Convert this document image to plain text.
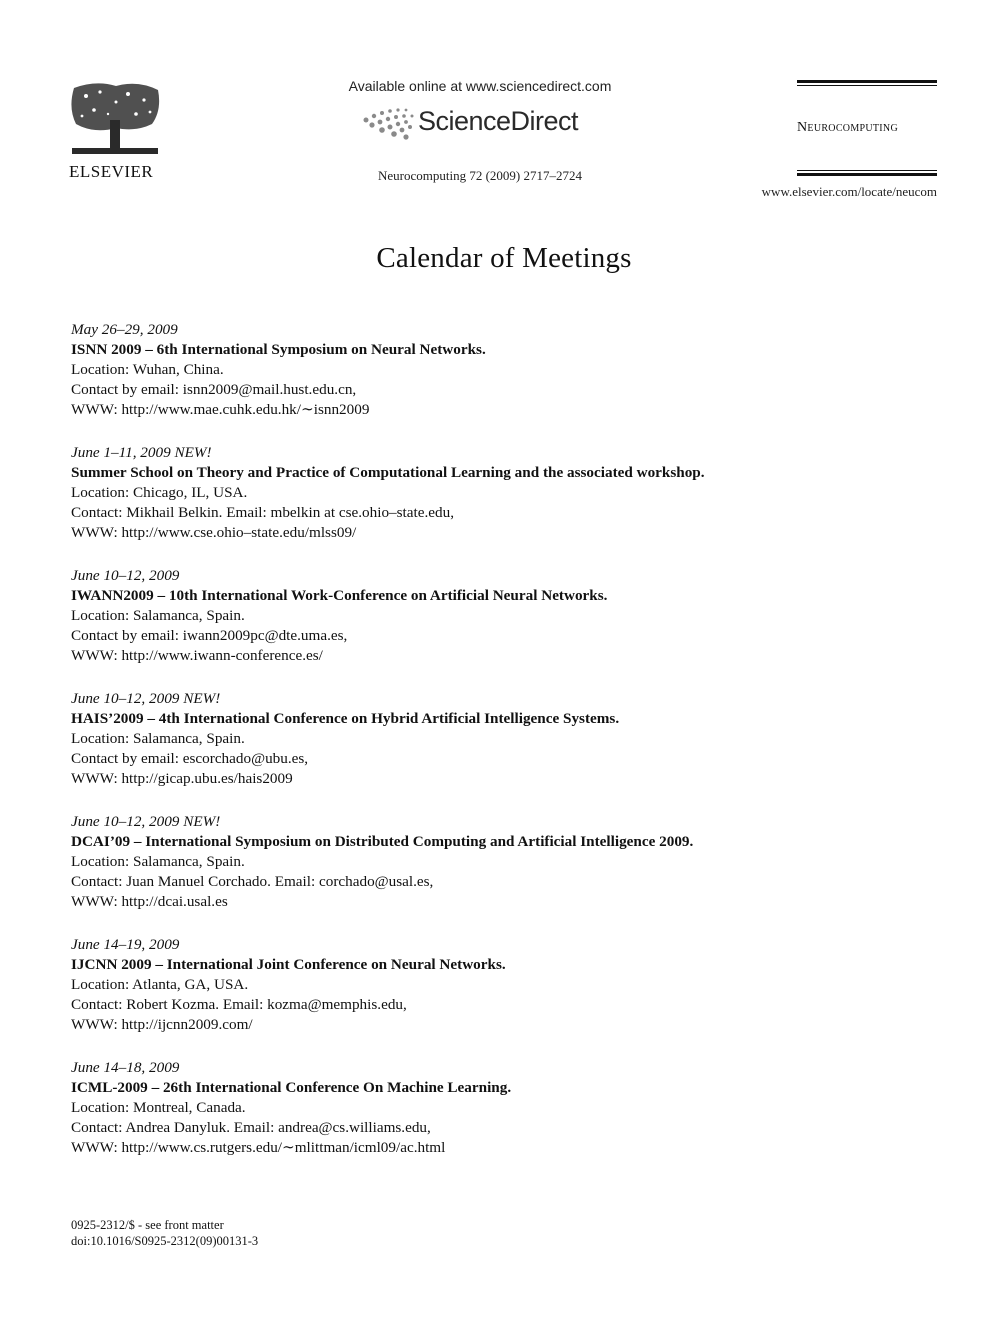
ELSEVIER
Available online at www.sciencedirect.com
ScienceDirect
Neurocomputing 72 (2009) 2717–2724
Neurocomputing
www.elsevier.com/locate/neucom
Calendar of Meetings
May 26–29, 2009
ISNN 2009 – 6th International Symposium on Neural Networks.
Location: Wuhan, China.
Contact by email: isnn2009@mail.hust.edu.cn,
WWW: http://www.mae.cuhk.edu.hk/∼isnn2009
June 1–11, 2009 NEW!
Summer School on Theory and Practice of Computational Learning and the associated workshop.
Location: Chicago, IL, USA.
Contact: Mikhail Belkin. Email: mbelkin at cse.ohio–state.edu,
WWW: http://www.cse.ohio–state.edu/mlss09/
June 10–12, 2009
IWANN2009 – 10th International Work-Conference on Artificial Neural Networks.
Location: Salamanca, Spain.
Contact by email: iwann2009pc@dte.uma.es,
WWW: http://www.iwann-conference.es/
June 10–12, 2009 NEW!
HAIS’2009 – 4th International Conference on Hybrid Artificial Intelligence Systems.
Location: Salamanca, Spain.
Contact by email: escorchado@ubu.es,
WWW: http://gicap.ubu.es/hais2009
June 10–12, 2009 NEW!
DCAI’09 – International Symposium on Distributed Computing and Artificial Intelligence 2009.
Location: Salamanca, Spain.
Contact: Juan Manuel Corchado. Email: corchado@usal.es,
WWW: http://dcai.usal.es
June 14–19, 2009
IJCNN 2009 – International Joint Conference on Neural Networks.
Location: Atlanta, GA, USA.
Contact: Robert Kozma. Email: kozma@memphis.edu,
WWW: http://ijcnn2009.com/
June 14–18, 2009
ICML-2009 – 26th International Conference On Machine Learning.
Location: Montreal, Canada.
Contact: Andrea Danyluk. Email: andrea@cs.williams.edu,
WWW: http://www.cs.rutgers.edu/∼mlittman/icml09/ac.html
0925-2312/$ - see front matter
doi:10.1016/S0925-2312(09)00131-3
